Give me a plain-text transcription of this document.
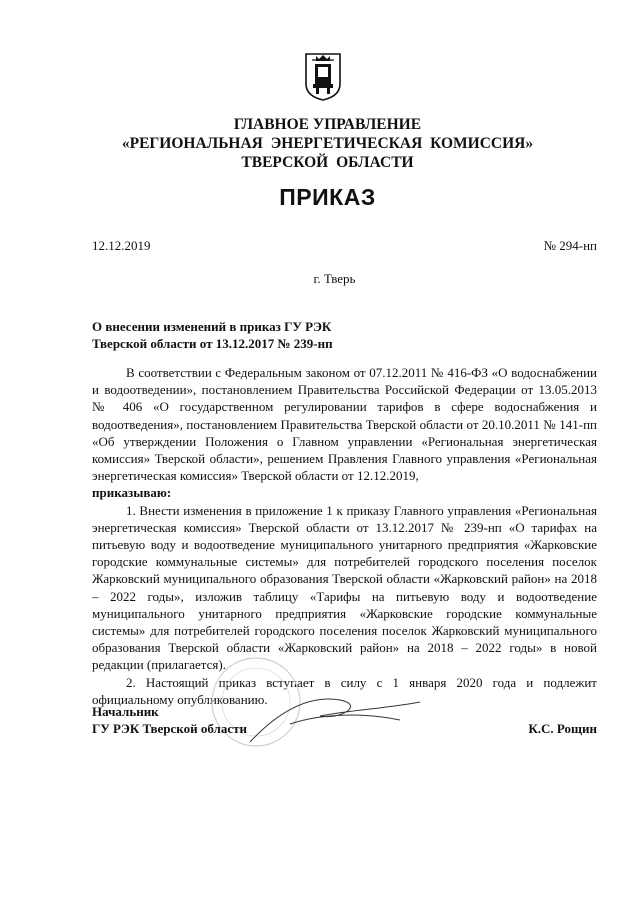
ГЛАВНОЕ УПРАВЛЕНИЕ
«РЕГИОНАЛЬНАЯ ЭНЕРГЕТИЧЕСКАЯ КОМИССИЯ»
ТВЕРСКОЙ ОБЛАСТИ
ПРИКАЗ
12.12.2019	№ 294-нп
г. Тверь
О внесении изменений в приказ ГУ РЭК
Тверской области от 13.12.2017 № 239-нп

В соответствии с Федеральным законом от 07.12.2011 № 416-ФЗ «О водоснабжении и водоотведении», постановлением Правительства Российской Федерации от 13.05.2013 № 406 «О государственном регулировании тарифов в сфере водоснабжения и водоотведения», постановлением Правительства Тверской области от 20.10.2011 № 141-пп «Об утверждении Положения о Главном управлении «Региональная энергетическая комиссия» Тверской области», решением Правления Главного управления «Региональная энергетическая комиссия» Тверской области от 12.12.2019,

приказываю:

1. Внести изменения в приложение 1 к приказу Главного управления «Региональная энергетическая комиссия» Тверской области от 13.12.2017 № 239-нп «О тарифах на питьевую воду и водоотведение муниципального унитарного предприятия «Жарковские городские коммунальные системы» для потребителей городского поселения поселок Жарковский муниципального образования Тверской области «Жарковский район» на 2018 – 2022 годы», изложив таблицу «Тарифы на питьевую воду и водоотведение муниципального унитарного предприятия «Жарковские городские коммунальные системы» для потребителей городского поселения поселок Жарковский муниципального образования Тверской области «Жарковский район» на 2018 – 2022 годы» в новой редакции (прилагается).

2. Настоящий приказ вступает в силу с 1 января 2020 года и подлежит официальному опубликованию.

Начальник
ГУ РЭК Тверской области	К.С. Рощин
